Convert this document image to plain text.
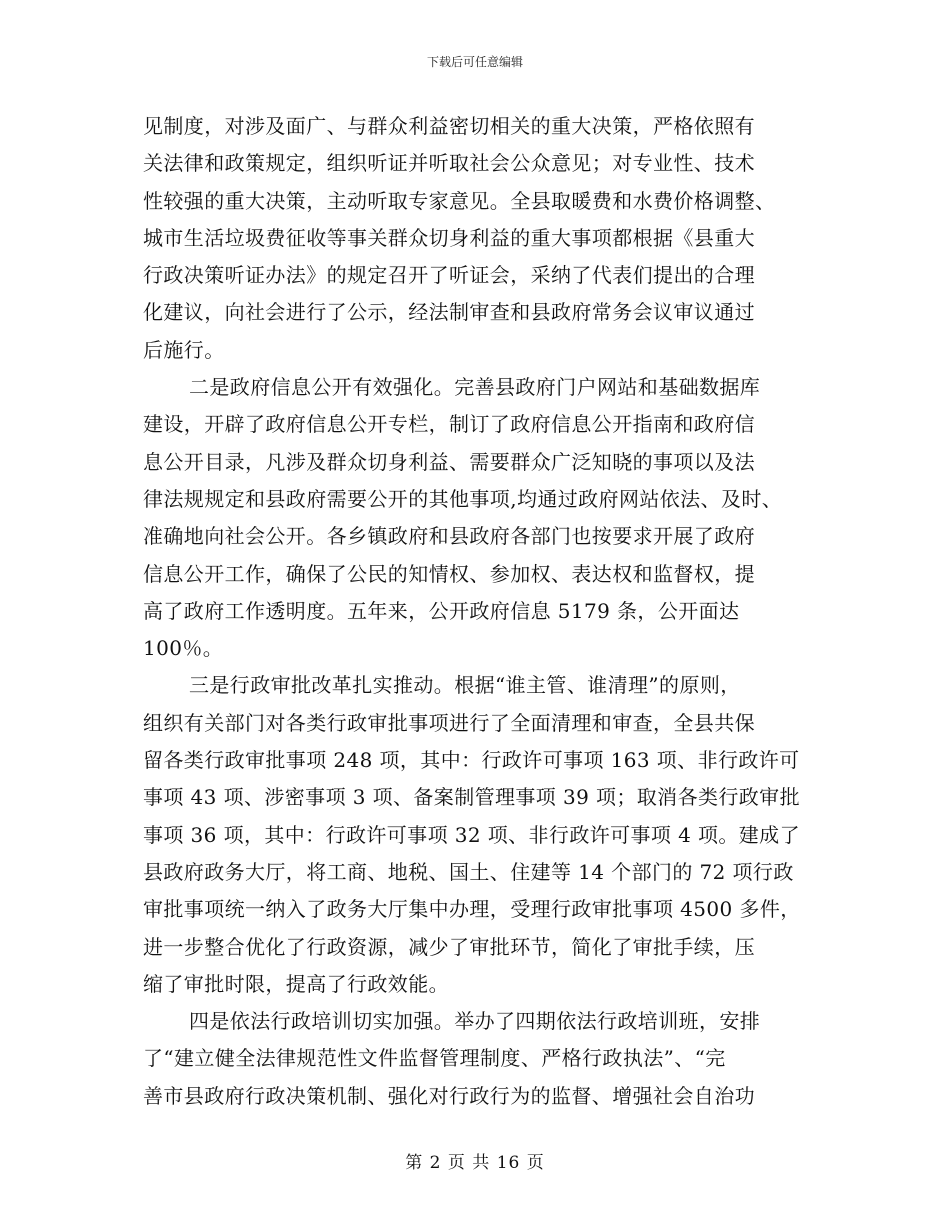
下载后可任意编辑
见制度，对涉及面广、与群众利益密切相关的重大决策，严格依照有
关法律和政策规定，组织听证并听取社会公众意见；对专业性、技术
性较强的重大决策，主动听取专家意见。全县取暖费和水费价格调整、
城市生活垃圾费征收等事关群众切身利益的重大事项都根据《县重大
行政决策听证办法》的规定召开了听证会，采纳了代表们提出的合理
化建议，向社会进行了公示，经法制审查和县政府常务会议审议通过
后施行。
二是政府信息公开有效强化。完善县政府门户网站和基础数据库
建设，开辟了政府信息公开专栏，制订了政府信息公开指南和政府信
息公开目录，凡涉及群众切身利益、需要群众广泛知晓的事项以及法
律法规规定和县政府需要公开的其他事项,均通过政府网站依法、及时、
准确地向社会公开。各乡镇政府和县政府各部门也按要求开展了政府
信息公开工作，确保了公民的知情权、参加权、表达权和监督权，提
高了政府工作透明度。五年来，公开政府信息 5179 条，公开面达
100％。
三是行政审批改革扎实推动。根据“谁主管、谁清理”的原则，
组织有关部门对各类行政审批事项进行了全面清理和审查，全县共保
留各类行政审批事项 248 项，其中：行政许可事项 163 项、非行政许可
事项 43 项、涉密事项 3 项、备案制管理事项 39 项；取消各类行政审批
事项 36 项，其中：行政许可事项 32 项、非行政许可事项 4 项。建成了
县政府政务大厅，将工商、地税、国土、住建等 14 个部门的 72 项行政
审批事项统一纳入了政务大厅集中办理，受理行政审批事项 4500 多件，
进一步整合优化了行政资源，减少了审批环节，简化了审批手续，压
缩了审批时限，提高了行政效能。
四是依法行政培训切实加强。举办了四期依法行政培训班，安排
了“建立健全法律规范性文件监督管理制度、严格行政执法”、“完
善市县政府行政决策机制、强化对行政行为的监督、增强社会自治功
第 2 页 共 16 页
